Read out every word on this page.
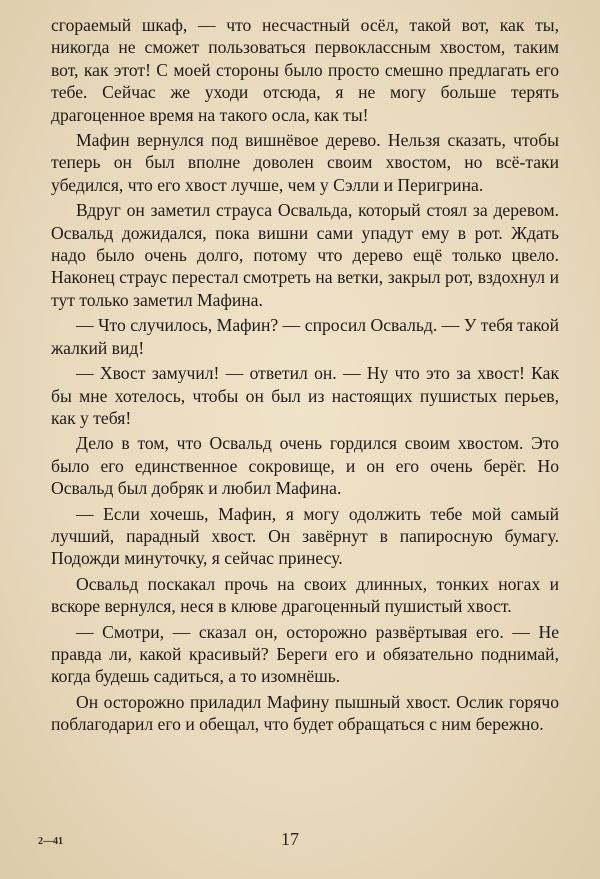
сгораемый шкаф, — что несчастный осёл, такой вот, как ты, никогда не сможет пользоваться первоклассным хвостом, таким вот, как этот! С моей стороны было просто смешно предлагать его тебе. Сейчас же уходи отсюда, я не могу больше терять драгоценное время на такого осла, как ты!

Мафин вернулся под вишнёвое дерево. Нельзя сказать, чтобы теперь он был вполне доволен своим хвостом, но всё-таки убедился, что его хвост лучше, чем у Сэлли и Перигрина.

Вдруг он заметил страуса Освальда, который стоял за деревом. Освальд дожидался, пока вишни сами упадут ему в рот. Ждать надо было очень долго, потому что дерево ещё только цвело. Наконец страус перестал смотреть на ветки, закрыл рот, вздохнул и тут только заметил Мафина.

— Что случилось, Мафин? — спросил Освальд. — У тебя такой жалкий вид!

— Хвост замучил! — ответил он. — Ну что это за хвост! Как бы мне хотелось, чтобы он был из настоящих пушистых перьев, как у тебя!

Дело в том, что Освальд очень гордился своим хвостом. Это было его единственное сокровище, и он его очень берёг. Но Освальд был добряк и любил Мафина.

— Если хочешь, Мафин, я могу одолжить тебе мой самый лучший, парадный хвост. Он завёрнут в папиросную бумагу. Подожди минуточку, я сейчас принесу.

Освальд поскакал прочь на своих длинных, тонких ногах и вскоре вернулся, неся в клюве драгоценный пушистый хвост.

— Смотри, — сказал он, осторожно развёртывая его. — Не правда ли, какой красивый? Береги его и обязательно поднимай, когда будешь садиться, а то изомнёшь.

Он осторожно приладил Мафину пышный хвост. Ослик горячо поблагодарил его и обещал, что будет обращаться с ним бережно.

2—41	17
